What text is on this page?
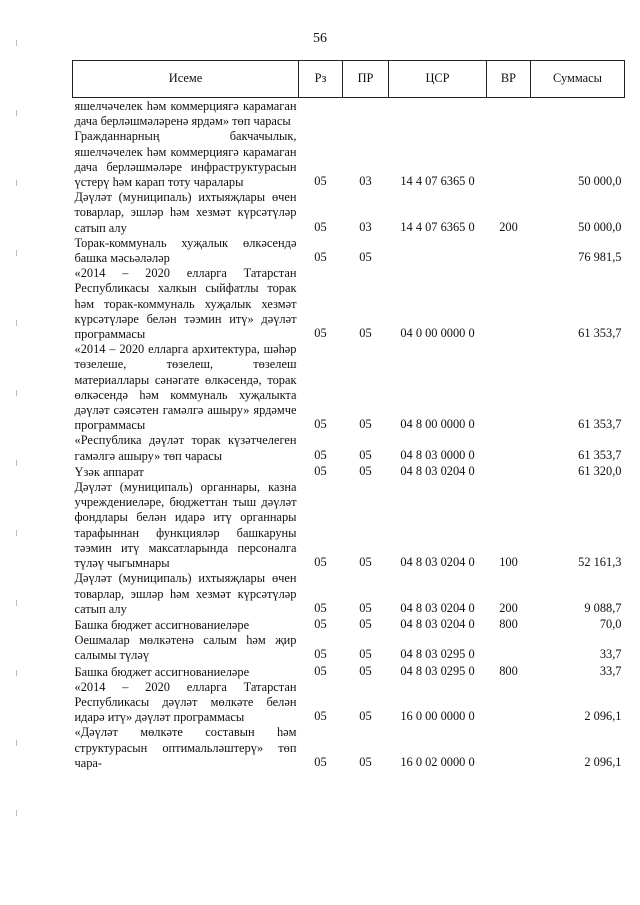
56
Исеме	Рз	ПР	ЦСР	ВР	Суммасы
яшелчәчелек һәм коммерциягә карамаган дача берләшмәләренә ярдәм» төп чарасы					
Гражданнарның бакчачылык, яшелчәчелек һәм коммерциягә карамаган дача берләшмәләре инфраструктурасын үстерү һәм карап тоту чаралары	05	03	14 4 07 6365 0		50 000,0
Дәүләт (муниципаль) ихтыяҗлары өчен товарлар, эшләр һәм хезмәт күрсәтүләр сатып алу	05	03	14 4 07 6365 0	200	50 000,0
Торак-коммуналь хуҗалык өлкәсендә башка мәсьәләләр	05	05			76 981,5
«2014 – 2020 елларга Татарстан Республикасы халкын сыйфатлы торак һәм торак-коммуналь хуҗалык хезмәт күрсәтүләре белән тәэмин итү» дәүләт программасы	05	05	04 0 00 0000 0		61 353,7
«2014 – 2020 елларга архитектура, шәһәр төзелеше, төзелеш, төзелеш материаллары сәнәгате өлкәсендә, торак өлкәсендә һәм коммуналь хуҗалыкта дәүләт сәясәтен гамәлгә ашыру» ярдәмче программасы	05	05	04 8 00 0000 0		61 353,7
«Республика дәүләт торак күзәтчелеген гамәлгә ашыру» төп чарасы	05	05	04 8 03 0000 0		61 353,7
Үзәк аппарат	05	05	04 8 03 0204 0		61 320,0
Дәүләт (муниципаль) органнары, казна учреждениеләре, бюджеттан тыш дәүләт фондлары белән идарә итү органнары тарафыннан функцияләр башкаруны тәэмин итү максатларында персоналга түләү чыгымнары	05	05	04 8 03 0204 0	100	52 161,3
Дәүләт (муниципаль) ихтыяҗлары өчен товарлар, эшләр һәм хезмәт күрсәтүләр сатып алу	05	05	04 8 03 0204 0	200	9 088,7
Башка бюджет ассигнованиеләре	05	05	04 8 03 0204 0	800	70,0
Оешмалар мөлкәтенә салым һәм җир салымы түләү	05	05	04 8 03 0295 0		33,7
Башка бюджет ассигнованиеләре	05	05	04 8 03 0295 0	800	33,7
«2014 – 2020 елларга Татарстан Республикасы дәүләт мөлкәте белән идарә итү» дәүләт программасы	05	05	16 0 00 0000 0		2 096,1
«Дәүләт мөлкәте составын һәм структурасын оптимальләштерү» төп чара-	05	05	16 0 02 0000 0		2 096,1
